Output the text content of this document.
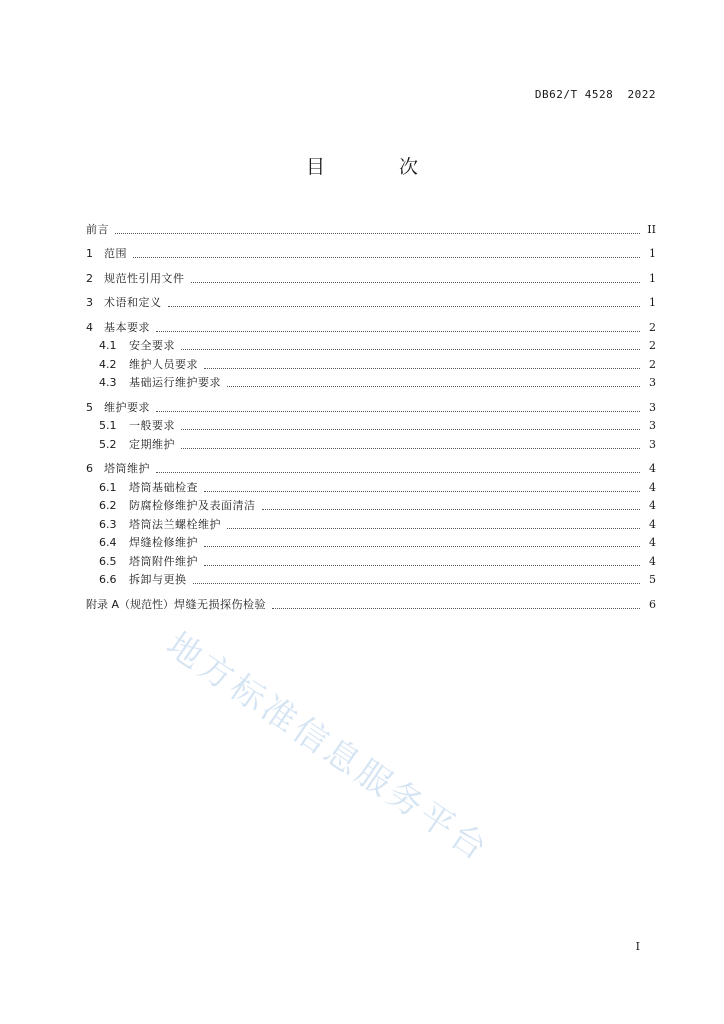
DB62/T 4528  2022
目 次
前言	II
1	范围	1
2	规范性引用文件	1
3	术语和定义	1
4	基本要求	2
4.1	安全要求	2
4.2	维护人员要求	2
4.3	基础运行维护要求	3
5	维护要求	3
5.1	一般要求	3
5.2	定期维护	3
6	塔筒维护	4
6.1	塔筒基础检查	4
6.2	防腐检修维护及表面清洁	4
6.3	塔筒法兰螺栓维护	4
6.4	焊缝检修维护	4
6.5	塔筒附件维护	4
6.6	拆卸与更换	5
附录 A（规范性） 焊缝无损探伤检验	6
地方标准信息服务平台
I
